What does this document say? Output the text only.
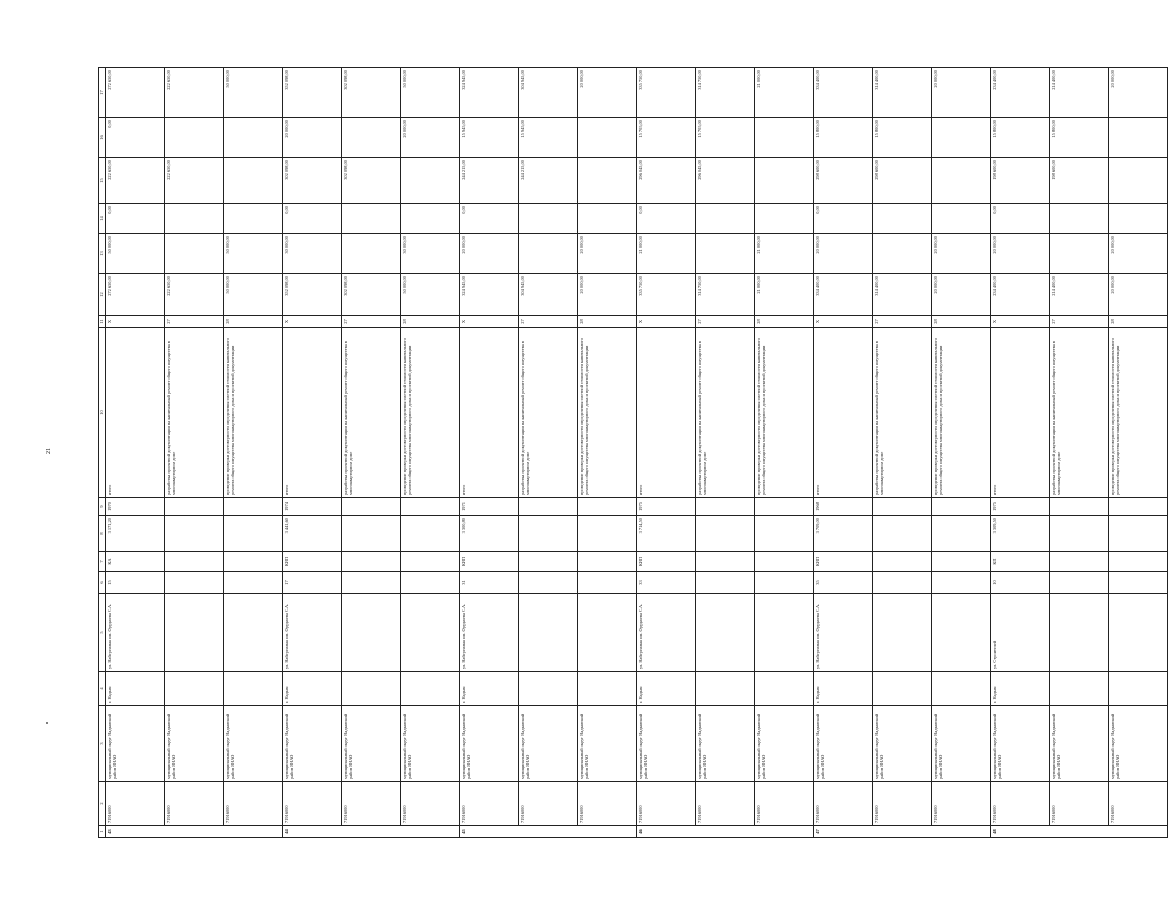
21
1	2	3	4	5	6	7	8	9	10	11	12	13	14	15	16	17
43	71916000	муниципальный округ Надымский район ЯНАО	г. Надым	ул. Набережная им. Оруджева С.А.	15	КА	3 171,20	1970	итого	Х	272 650,00	50 000,00	0,00	222 650,00	0,00	272 650,00
	71916000	муниципальный округ Надымский район ЯНАО							разработка проектной документации на капитальный ремонт общего имущества в многоквартирном доме	27	222 650,00			222 650,00		222 650,00
	71916000	муниципальный округ Надымский район ЯНАО							проведение проверки достоверности определения сметной стоимости капитального ремонта общего имущества многоквартирного дома и проектной документации	28	50 000,00	50 000,00				50 000,00
44	71916000	муниципальный округ Надымский район ЯНАО	г. Надым	ул. Набережная им. Оруджева С.А.	17	КИП	3 441,60	1974	итого	Х	352 098,00	30 000,00	0,00	302 098,00	20 000,00	352 098,00
	71916000	муниципальный округ Надымский район ЯНАО							разработка проектной документации на капитальный ремонт общего имущества в многоквартирном доме	27	302 098,00			302 098,00		302 098,00
	71916000	муниципальный округ Надымский район ЯНАО							проведение проверки достоверности определения сметной стоимости капитального ремонта общего имущества многоквартирного дома и проектной документации	28	50 000,00	30 000,00			20 000,00	50 000,00
45	71916000	муниципальный округ Надымский район ЯНАО	г. Надым	ул. Набережная им. Оруджева С.А.	31	КИП	3 300,80	1971	итого	Х	324 945,00	20 000,00	0,00	244 215,00	15 945,00	324 945,00
	71916000	муниципальный округ Надымский район ЯНАО							разработка проектной документации на капитальный ремонт общего имущества в многоквартирном доме	27	304 945,00			244 215,00	15 945,00	304 945,00
	71916000	муниципальный округ Надымский район ЯНАО							проведение проверки достоверности определения сметной стоимости капитального ремонта общего имущества многоквартирного дома и проектной документации	28	20 000,00	20 000,00				20 000,00
46	71916000	муниципальный округ Надымский район ЯНАО	г. Надым	ул. Набережная им. Оруджева С.А.	33	КИП	3 714,50	1975	итого	Х	335 750,00	21 000,00	0,00	296 045,00	15 705,00	335 750,00
	71916000	муниципальный округ Надымский район ЯНАО							разработка проектной документации на капитальный ремонт общего имущества в многоквартирном доме	27	314 750,00			296 045,00	15 705,00	314 750,00
	71916000	муниципальный округ Надымский район ЯНАО							проведение проверки достоверности определения сметной стоимости капитального ремонта общего имущества многоквартирного дома и проектной документации	28	21 000,00	21 000,00				21 000,00
47	71916000	муниципальный округ Надымский район ЯНАО	г. Надым	ул. Набережная им. Оруджева С.А.	35	КИП	3 709,00	1968	итого	Х	334 400,00	20 000,00	0,00	298 600,00	15 800,00	334 400,00
	71916000	муниципальный округ Надымский район ЯНАО							разработка проектной документации на капитальный ремонт общего имущества в многоквартирном доме	27	314 400,00			298 600,00	15 800,00	314 400,00
	71916000	муниципальный округ Надымский район ЯНАО							проведение проверки достоверности определения сметной стоимости капитального ремонта общего имущества многоквартирного дома и проектной документации	28	20 000,00	20 000,00				20 000,00
48	71916000	муниципальный округ Надымский район ЯНАО	г. Надым	ул. Строителей	10	КП	3 309,50	1975	итого	Х	234 400,00	20 000,00	0,00	198 600,00	15 800,00	234 400,00
	71916000	муниципальный округ Надымский район ЯНАО							разработка проектной документации на капитальный ремонт общего имущества в многоквартирном доме	27	214 400,00			198 600,00	15 800,00	214 400,00
	71916000	муниципальный округ Надымский район ЯНАО							проведение проверки достоверности определения сметной стоимости капитального ремонта общего имущества многоквартирного дома и проектной документации	28	20 000,00	20 000,00				20 000,00
